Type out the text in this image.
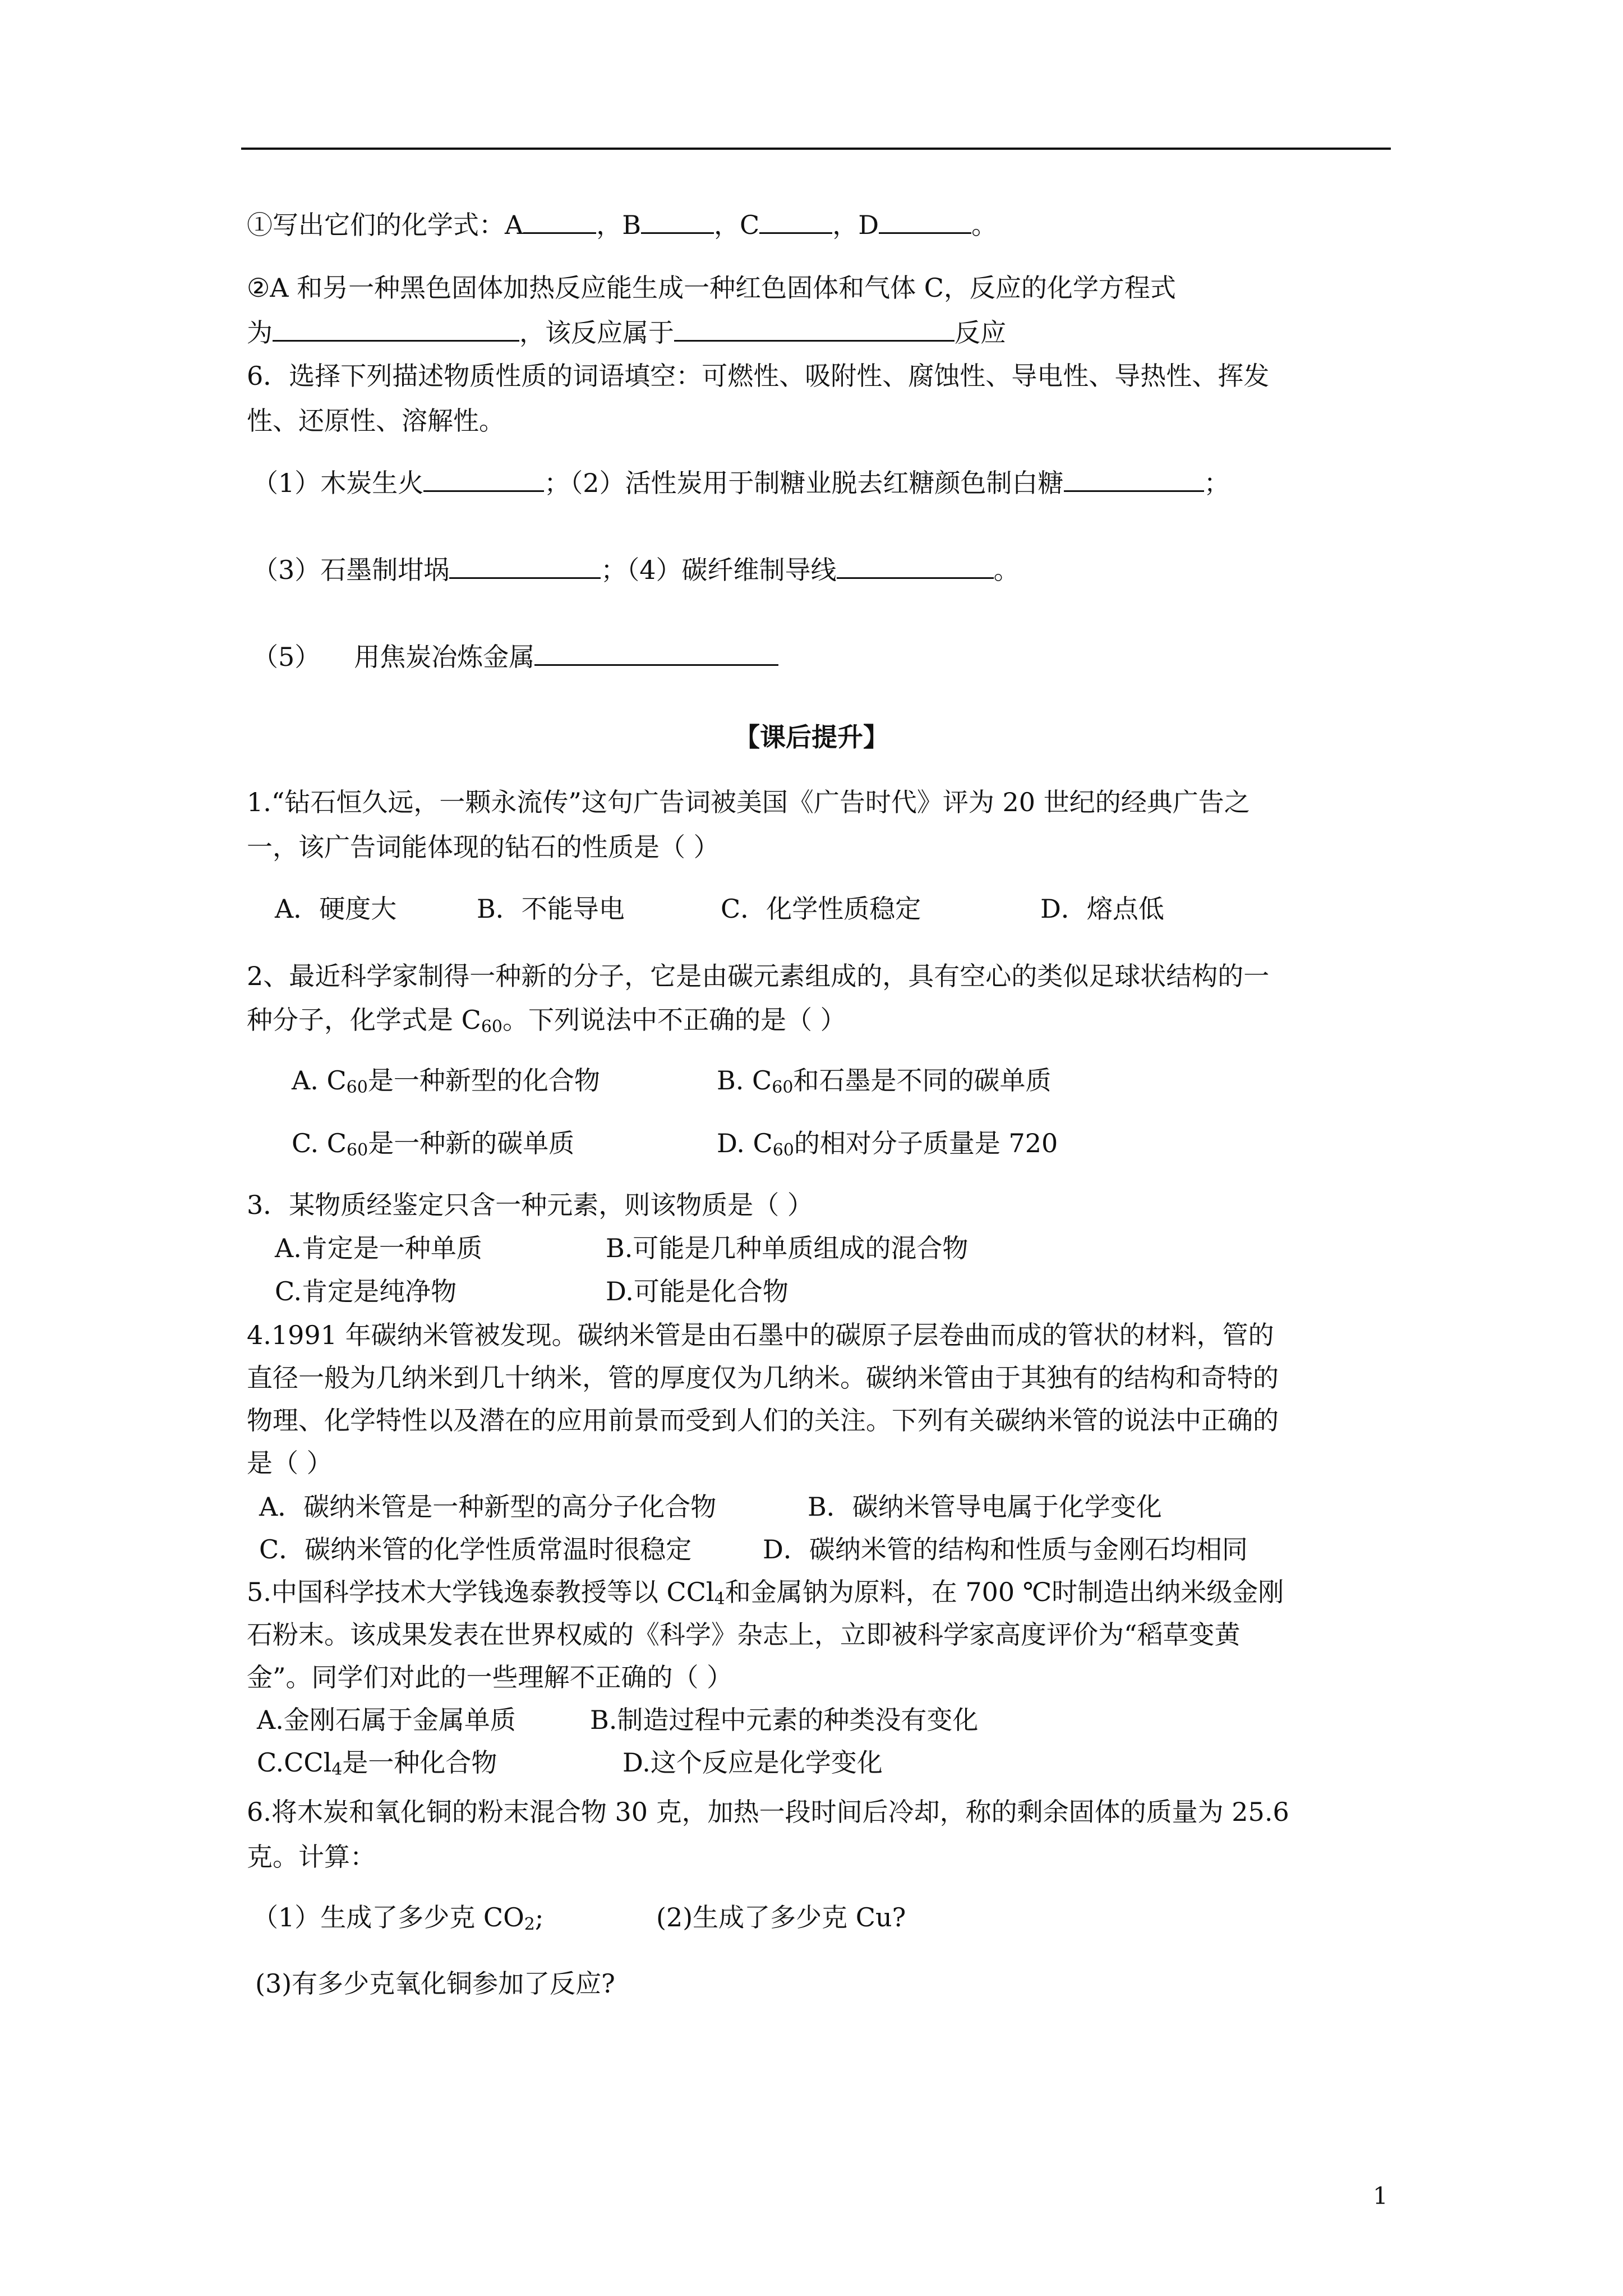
①写出它们的化学式：A	，B	，C	，D	。
②A 和另一种黑色固体加热反应能生成一种红色固体和气体 C，反应的化学方程式
为	，该反应属于	反应
6．选择下列描述物质性质的词语填空：可燃性、吸附性、腐蚀性、导电性、导热性、挥发
性、还原性、溶解性。
（1）木炭生火	；（2）活性炭用于制糖业脱去红糖颜色制白糖	；
（3）石墨制坩埚	；（4）碳纤维制导线	。
（5） 用焦炭冶炼金属
【课后提升】
1.“钻石恒久远，一颗永流传”这句广告词被美国《广告时代》评为 20 世纪的经典广告之
一，该广告词能体现的钻石的性质是（ ）
A．硬度大	B．不能导电	C．化学性质稳定	D．熔点低
2、最近科学家制得一种新的分子，它是由碳元素组成的，具有空心的类似足球状结构的一
种分子，化学式是 $C_{60}$。下列说法中不正确的是（ ）
A. $C_{60}$是一种新型的化合物	B. $C_{60}$和石墨是不同的碳单质
C. $C_{60}$是一种新的碳单质	D. $C_{60}$的相对分子质量是 720
3．某物质经鉴定只含一种元素，则该物质是（ ）
A.肯定是一种单质	B.可能是几种单质组成的混合物
C.肯定是纯净物	D.可能是化合物
4.1991 年碳纳米管被发现。碳纳米管是由石墨中的碳原子层卷曲而成的管状的材料，管的
直径一般为几纳米到几十纳米，管的厚度仅为几纳米。碳纳米管由于其独有的结构和奇特的
物理、化学特性以及潜在的应用前景而受到人们的关注。下列有关碳纳米管的说法中正确的
是（ ）
A．碳纳米管是一种新型的高分子化合物	B．碳纳米管导电属于化学变化
C．碳纳米管的化学性质常温时很稳定	D．碳纳米管的结构和性质与金刚石均相同
5.中国科学技术大学钱逸泰教授等以 CCl$_4$和金属钠为原料，在 700 ℃时制造出纳米级金刚
石粉末。该成果发表在世界权威的《科学》杂志上，立即被科学家高度评价为“稻草变黄
金”。同学们对此的一些理解不正确的（ ）
A.金刚石属于金属单质	B.制造过程中元素的种类没有变化
C.CCl$_4$是一种化合物	D.这个反应是化学变化
6.将木炭和氧化铜的粉末混合物 30 克，加热一段时间后冷却，称的剩余固体的质量为 25.6
克。计算：
（1）生成了多少克 $CO_2$;	(2)生成了多少克 Cu?
(3)有多少克氧化铜参加了反应?
1
